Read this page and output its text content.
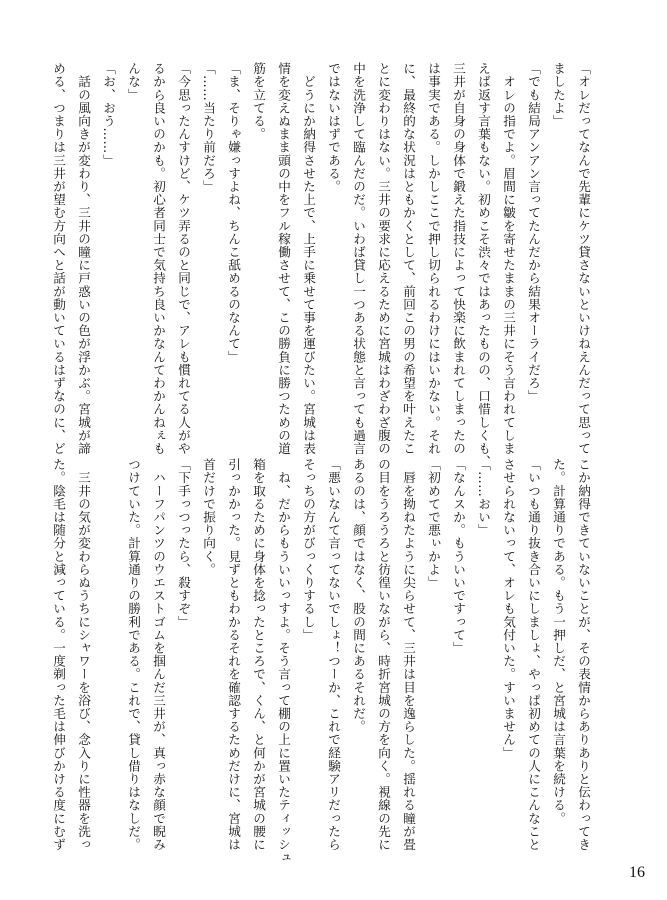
「オレだってなんで先輩にケツ貸さないといけねえんだって思って
ましたよ」
「でも結局アンアン言ってたんだから結果オーライだろ」
　オレの指でよ。眉間に皺を寄せたままの三井にそう言われてしま
えば返す言葉もない。初めこそ渋々ではあったものの、口惜しくも、
三井が自身の身体で鍛えた指技によって快楽に飲まれてしまったの
は事実である。しかしここで押し切られるわけにはいかない。それ
に、最終的な状況はともかくとして、前回この男の希望を叶えたこ
とに変わりはない。三井の要求に応えるために宮城はわざわざ腹の
中を洗浄して臨んだのだ。いわば貸し一つある状態と言っても過言
ではないはずである。
　どうにか納得させた上で、上手に乗せて事を運びたい。宮城は表
情を変えぬまま頭の中をフル稼働させて、この勝負に勝つための道
筋を立てる。
「ま、そりゃ嫌っすよね、ちんこ舐めるのなんて」
「……当たり前だろ」
「今思ったんすけど、ケツ弄るのと同じで、アレも慣れてる人がや
るから良いのかも。初心者同士で気持ち良いかなんてわかんねぇも
んな」
「お、おう……」
　話の風向きが変わり、三井の瞳に戸惑いの色が浮かぶ。宮城が諦
める、つまりは三井が望む方向へと話が動いているはずなのに、ど
こか納得できていないことが、その表情からありありと伝わってき
た。計算通りである。もう一押しだ、と宮城は言葉を続ける。
「いつも通り抜き合いにしましょ、やっぱ初めての人にこんなこと
させられないって、オレも気付いた。すいません」
「……おい」
「なんスか。もういいですって」
「初めてで悪ぃかよ」
　唇を拗ねたように尖らせて、三井は目を逸らした。揺れる瞳が畳
の目をうろうろと彷徨いながら、時折宮城の方を向く。視線の先に
あるのは、顔ではなく、股の間にあるそれだ。
「悪いなんて言ってないでしょ！つーか、これで経験アリだったら
そっちの方がびっくりするし」
　ね、だからもういいっすよ。そう言って棚の上に置いたティッシュ
箱を取るために身体を捻ったところで、くん、と何かが宮城の腰に
引っかかった。見ずともわかるそれを確認するためだけに、宮城は
首だけで振り向く。
「下手っつったら、殺すぞ」
　ハーフパンツのウエストゴムを掴んだ三井が、真っ赤な顔で睨み
つけていた。計算通りの勝利である。これで、貸し借りはなしだ。

　三井の気が変わらぬうちにシャワーを浴び、念入りに性器を洗っ
た。陰毛は随分と減っている。一度剃った毛は伸びかける度にむず
16
